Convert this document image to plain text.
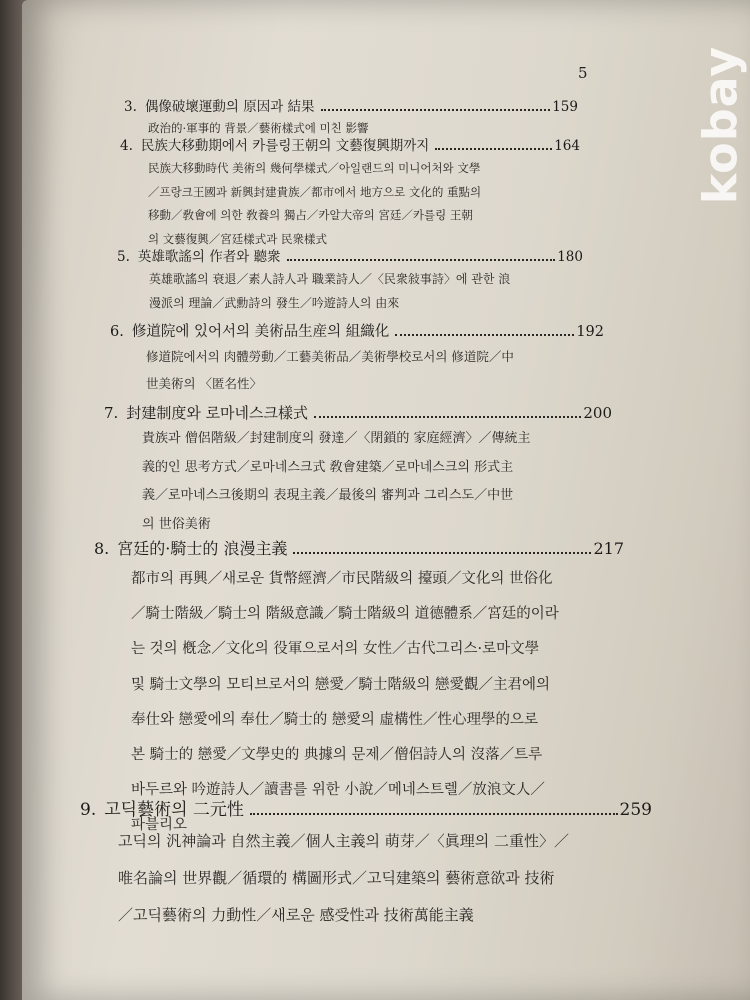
5 kobay
3. 偶像破壞運動의 原因과 結果	159
政治的·軍事的 背景／藝術樣式에 미친 影響
4. 民族大移動期에서 카를링王朝의 文藝復興期까지	164
民族大移動時代 美術의 幾何學樣式／아일랜드의 미니어처와 文學
／프랑크王國과 新興封建貴族／都市에서 地方으로 文化的 重點의
移動／敎會에 의한 敎養의 獨占／카알大帝의 宮廷／카를링 王朝
의 文藝復興／宮廷樣式과 民衆樣式
5. 英雄歌謠의 作者와 聽衆	180
英雄歌謠의 衰退／素人詩人과 職業詩人／〈民衆敍事詩〉에 관한 浪
漫派의 理論／武勳詩의 發生／吟遊詩人의 由來
6. 修道院에 있어서의 美術品生産의 組織化	192
修道院에서의 肉體勞動／工藝美術品／美術學校로서의 修道院／中
世美術의 〈匿名性〉
7. 封建制度와 로마네스크樣式	200
貴族과 僧侶階級／封建制度의 發達／〈閉鎖的 家庭經濟〉／傳統主
義的인 思考方式／로마네스크式 敎會建築／로마네스크의 形式主
義／로마네스크後期의 表現主義／最後의 審判과 그리스도／中世
의 世俗美術
8. 宮廷的·騎士的 浪漫主義	217
都市의 再興／새로운 貨幣經濟／市民階級의 擡頭／文化의 世俗化
／騎士階級／騎士의 階級意識／騎士階級의 道德體系／宮廷的이라
는 것의 槪念／文化의 役軍으로서의 女性／古代그리스·로마文學
및 騎士文學의 모티브로서의 戀愛／騎士階級의 戀愛觀／主君에의
奉仕와 戀愛에의 奉仕／騎士的 戀愛의 虛構性／性心理學的으로
본 騎士的 戀愛／文學史的 典據의 문제／僧侶詩人의 沒落／트루
바두르와 吟遊詩人／讀書를 위한 小說／메네스트렐／放浪文人／
파블리오
9. 고딕藝術의 二元性	259
고딕의 汎神論과 自然主義／個人主義의 萌芽／〈眞理의 二重性〉／
唯名論의 世界觀／循環的 構圖形式／고딕建築의 藝術意欲과 技術
／고딕藝術의 力動性／새로운 感受性과 技術萬能主義
